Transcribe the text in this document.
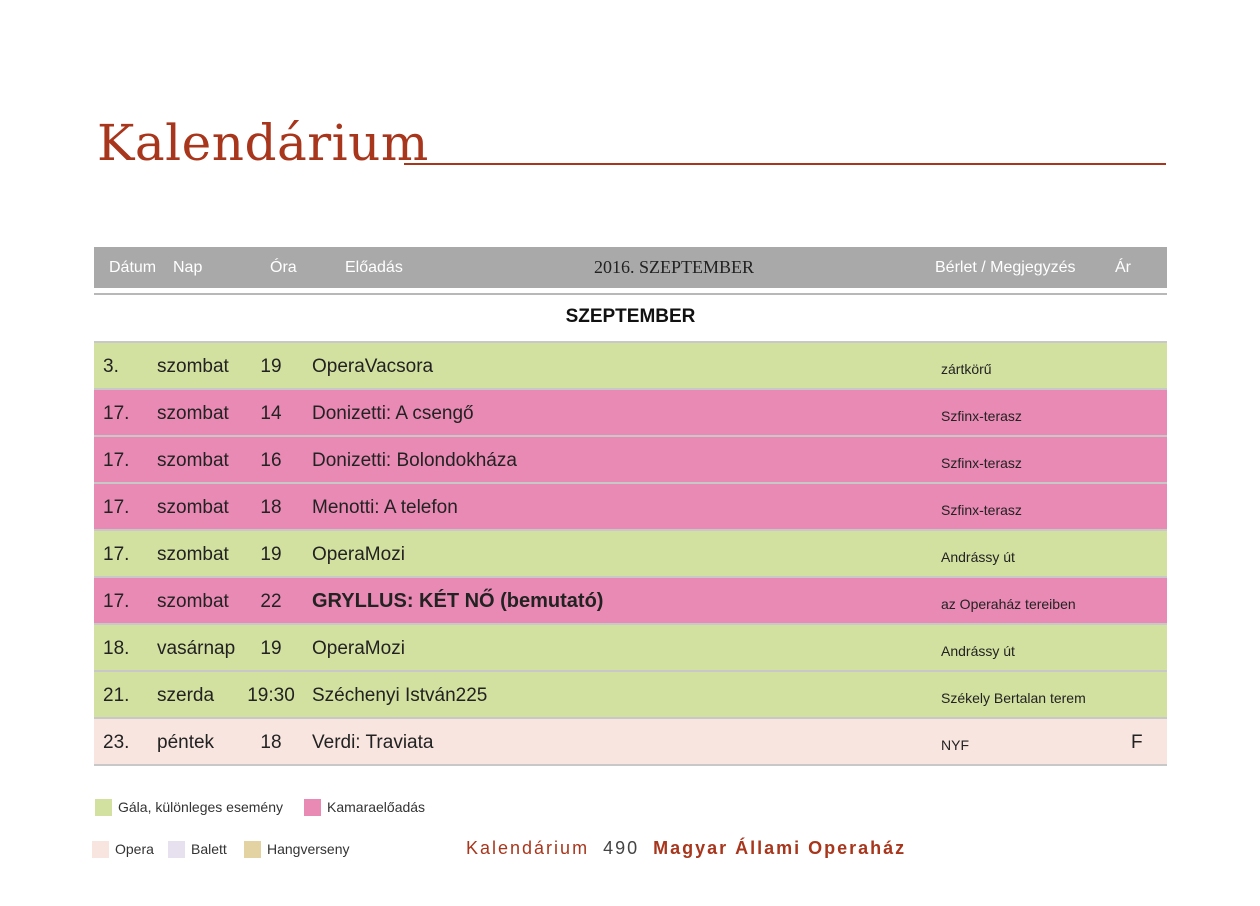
Kalendárium
Dátum Nap	Óra	Előadás	2016. SZEPTEMBER	Bérlet / Megjegyzés Ár
SZEPTEMBER
3. szombat	19	OperaVacsora	zártkörű
17. szombat	14	Donizetti: A csengő	Szfinx-terasz
17. szombat	16	Donizetti: Bolondokháza	Szfinx-terasz
17. szombat	18	Menotti: A telefon	Szfinx-terasz
17. szombat	19	OperaMozi	Andrássy út
17. szombat	22	GRYLLUS: KÉT NŐ (bemutató)	az Operaház tereiben
18. vasárnap	19	OperaMozi	Andrássy út
21. szerda 19:30 Széchenyi István225	Székely Bertalan terem
23. péntek	18	Verdi: Traviata	NYF	F
Gála, különleges esemény	Kamaraelőadás
Opera	Balett	Hangverseny	Kalendárium 490 Magyar Állami Operaház
